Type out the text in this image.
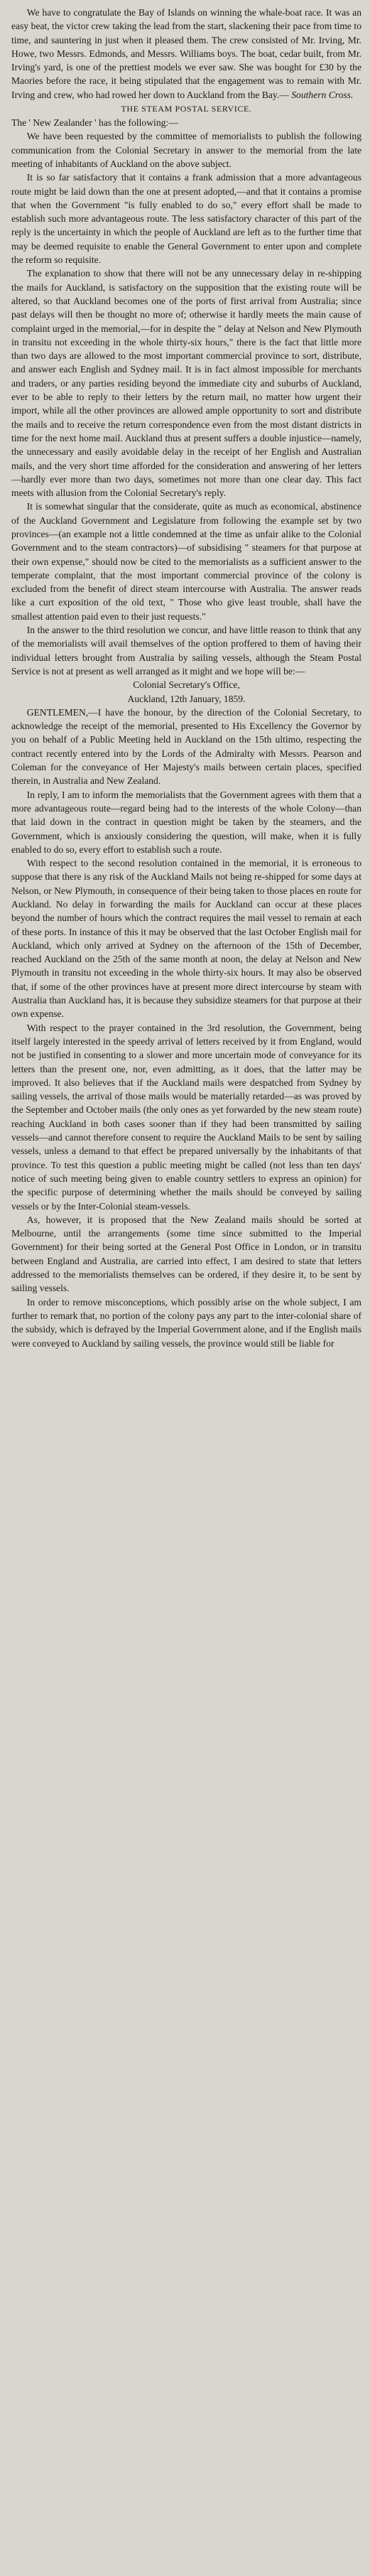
We have to congratulate the Bay of Islands on winning the whale-boat race. It was an easy beat, the victor crew taking the lead from the start, slackening their pace from time to time, and sauntering in just when it pleased them. The crew consisted of Mr. Irving, Mr. Howe, two Messrs. Edmonds, and Messrs. Williams boys. The boat, cedar built, from Mr. Irving's yard, is one of the prettiest models we ever saw. She was bought for £30 by the Maories before the race, it being stipulated that the engagement was to remain with Mr. Irving and crew, who had rowed her down to Auckland from the Bay.— Southern Cross.

THE STEAM POSTAL SERVICE.

The ' New Zealander ' has the following:—

We have been requested by the committee of memorialists to publish the following communication from the Colonial Secretary in answer to the memorial from the late meeting of inhabitants of Auckland on the above subject.

It is so far satisfactory that it contains a frank admission that a more advantageous route might be laid down than the one at present adopted,—and that it contains a promise that when the Government "is fully enabled to do so," every effort shall be made to establish such more advantageous route. The less satisfactory character of this part of the reply is the uncertainty in which the people of Auckland are left as to the further time that may be deemed requisite to enable the General Government to enter upon and complete the reform so requisite.

The explanation to show that there will not be any unnecessary delay in re-shipping the mails for Auckland, is satisfactory on the supposition that the existing route will be altered, so that Auckland becomes one of the ports of first arrival from Australia; since past delays will then be thought no more of; otherwise it hardly meets the main cause of complaint urged in the memorial,—for in despite the " delay at Nelson and New Plymouth in transitu not exceeding in the whole thirty-six hours," there is the fact that little more than two days are allowed to the most important commercial province to sort, distribute, and answer each English and Sydney mail. It is in fact almost impossible for merchants and traders, or any parties residing beyond the immediate city and suburbs of Auckland, ever to be able to reply to their letters by the return mail, no matter how urgent their import, while all the other provinces are allowed ample opportunity to sort and distribute the mails and to receive the return correspondence even from the most distant districts in time for the next home mail. Auckland thus at present suffers a double injustice—namely, the unnecessary and easily avoidable delay in the receipt of her English and Australian mails, and the very short time afforded for the consideration and answering of her letters—hardly ever more than two days, sometimes not more than one clear day. This fact meets with allusion from the Colonial Secretary's reply.

It is somewhat singular that the considerate, quite as much as economical, abstinence of the Auckland Government and Legislature from following the example set by two provinces—(an example not a little condemned at the time as unfair alike to the Colonial Government and to the steam contractors)—of subsidising " steamers for that purpose at their own expense," should now be cited to the memorialists as a sufficient answer to the temperate complaint, that the most important commercial province of the colony is excluded from the benefit of direct steam intercourse with Australia. The answer reads like a curt exposition of the old text, " Those who give least trouble, shall have the smallest attention paid even to their just requests."

In the answer to the third resolution we concur, and have little reason to think that any of the memorialists will avail themselves of the option proffered to them of having their individual letters brought from Australia by sailing vessels, although the Steam Postal Service is not at present as well arranged as it might and we hope will be:—

Colonial Secretary's Office,

Auckland, 12th January, 1859.

GENTLEMEN,—I have the honour, by the direction of the Colonial Secretary, to acknowledge the receipt of the memorial, presented to His Excellency the Governor by you on behalf of a Public Meeting held in Auckland on the 15th ultimo, respecting the contract recently entered into by the Lords of the Admiralty with Messrs. Pearson and Coleman for the conveyance of Her Majesty's mails between certain places, specified therein, in Australia and New Zealand.

In reply, I am to inform the memorialists that the Government agrees with them that a more advantageous route—regard being had to the interests of the whole Colony—than that laid down in the contract in question might be taken by the steamers, and the Government, which is anxiously considering the question, will make, when it is fully enabled to do so, every effort to establish such a route.

With respect to the second resolution contained in the memorial, it is erroneous to suppose that there is any risk of the Auckland Mails not being re-shipped for some days at Nelson, or New Plymouth, in consequence of their being taken to those places en route for Auckland. No delay in forwarding the mails for Auckland can occur at these places beyond the number of hours which the contract requires the mail vessel to remain at each of these ports. In instance of this it may be observed that the last October English mail for Auckland, which only arrived at Sydney on the afternoon of the 15th of December, reached Auckland on the 25th of the same month at noon, the delay at Nelson and New Plymouth in transitu not exceeding in the whole thirty-six hours. It may also be observed that, if some of the other provinces have at present more direct intercourse by steam with Australia than Auckland has, it is because they subsidize steamers for that purpose at their own expense.

With respect to the prayer contained in the 3rd resolution, the Government, being itself largely interested in the speedy arrival of letters received by it from England, would not be justified in consenting to a slower and more uncertain mode of conveyance for its letters than the present one, nor, even admitting, as it does, that the latter may be improved. It also believes that if the Auckland mails were despatched from Sydney by sailing vessels, the arrival of those mails would be materially retarded—as was proved by the September and October mails (the only ones as yet forwarded by the new steam route) reaching Auckland in both cases sooner than if they had been transmitted by sailing vessels—and cannot therefore consent to require the Auckland Mails to be sent by sailing vessels, unless a demand to that effect be prepared universally by the inhabitants of that province. To test this question a public meeting might be called (not less than ten days' notice of such meeting being given to enable country settlers to express an opinion) for the specific purpose of determining whether the mails should be conveyed by sailing vessels or by the Inter-Colonial steam-vessels.

As, however, it is proposed that the New Zealand mails should be sorted at Melbourne, until the arrangements (some time since submitted to the Imperial Government) for their being sorted at the General Post Office in London, or in transitu between England and Australia, are carried into effect, I am desired to state that letters addressed to the memorialists themselves can be ordered, if they desire it, to be sent by sailing vessels.

In order to remove misconceptions, which possibly arise on the whole subject, I am further to remark that, no portion of the colony pays any part to the inter-colonial share of the subsidy, which is defrayed by the Imperial Government alone, and if the English mails were conveyed to Auckland by sailing vessels, the province would still be liable for
